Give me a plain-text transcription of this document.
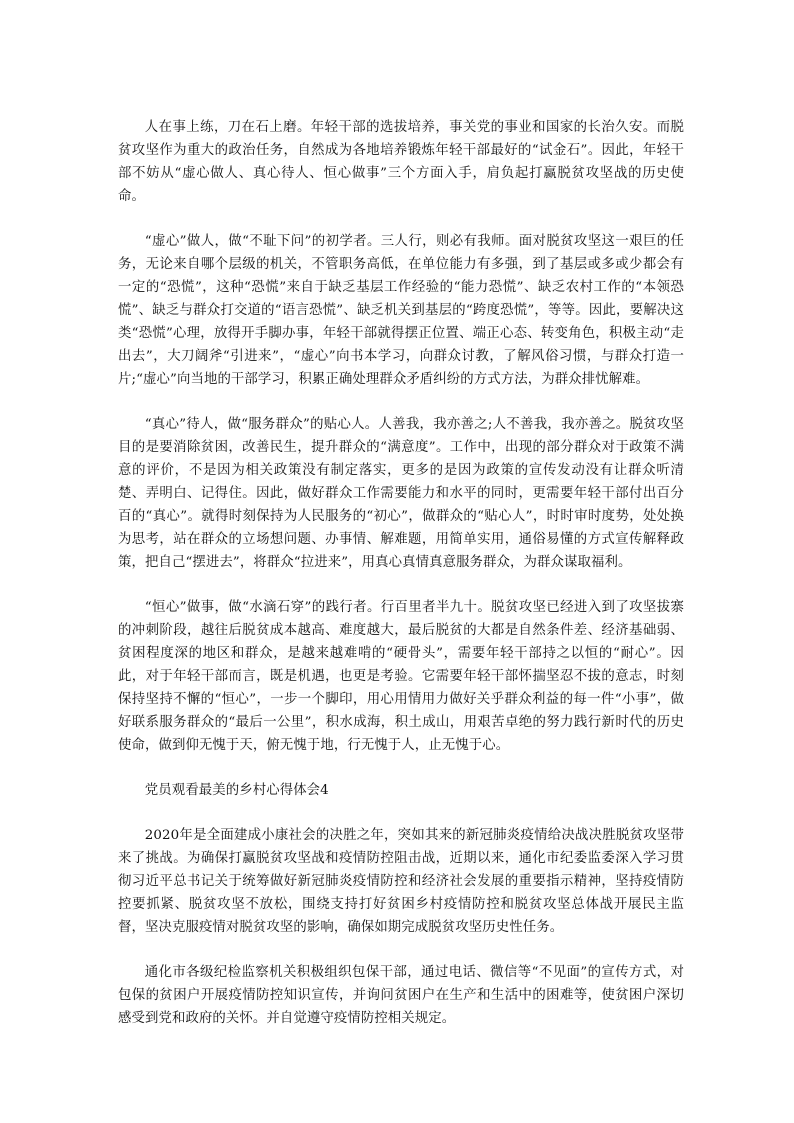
人在事上练，刀在石上磨。年轻干部的选拔培养，事关党的事业和国家的长治久安。而脱贫攻坚作为重大的政治任务，自然成为各地培养锻炼年轻干部最好的“试金石”。因此，年轻干部不妨从“虚心做人、真心待人、恒心做事”三个方面入手，肩负起打赢脱贫攻坚战的历史使命。

“虚心”做人，做“不耻下问”的初学者。三人行，则必有我师。面对脱贫攻坚这一艰巨的任务，无论来自哪个层级的机关，不管职务高低，在单位能力有多强，到了基层或多或少都会有一定的“恐慌”，这种“恐慌”来自于缺乏基层工作经验的“能力恐慌”、缺乏农村工作的“本领恐慌”、缺乏与群众打交道的“语言恐慌”、缺乏机关到基层的“跨度恐慌”，等等。因此，要解决这类“恐慌”心理，放得开手脚办事，年轻干部就得摆正位置、端正心态、转变角色，积极主动“走出去”，大刀阔斧“引进来”，“虚心”向书本学习，向群众讨教，了解风俗习惯，与群众打造一片;“虚心”向当地的干部学习，积累正确处理群众矛盾纠纷的方式方法，为群众排忧解难。

“真心”待人，做“服务群众”的贴心人。人善我，我亦善之;人不善我，我亦善之。脱贫攻坚目的是要消除贫困，改善民生，提升群众的“满意度”。工作中，出现的部分群众对于政策不满意的评价，不是因为相关政策没有制定落实，更多的是因为政策的宣传发动没有让群众听清楚、弄明白、记得住。因此，做好群众工作需要能力和水平的同时，更需要年轻干部付出百分百的“真心”。就得时刻保持为人民服务的“初心”，做群众的“贴心人”，时时审时度势，处处换为思考，站在群众的立场想问题、办事情、解难题，用简单实用，通俗易懂的方式宣传解释政策，把自己“摆进去”，将群众“拉进来”，用真心真情真意服务群众，为群众谋取福利。

“恒心”做事，做“水滴石穿”的践行者。行百里者半九十。脱贫攻坚已经进入到了攻坚拔寨的冲刺阶段，越往后脱贫成本越高、难度越大，最后脱贫的大都是自然条件差、经济基础弱、贫困程度深的地区和群众，是越来越难啃的“硬骨头”，需要年轻干部持之以恒的“耐心”。因此，对于年轻干部而言，既是机遇，也更是考验。它需要年轻干部怀揣坚忍不拔的意志，时刻保持坚持不懈的“恒心”，一步一个脚印，用心用情用力做好关乎群众利益的每一件“小事”，做好联系服务群众的“最后一公里”，积水成海，积土成山，用艰苦卓绝的努力践行新时代的历史使命，做到仰无愧于天，俯无愧于地，行无愧于人，止无愧于心。

党员观看最美的乡村心得体会4

2020年是全面建成小康社会的决胜之年，突如其来的新冠肺炎疫情给决战决胜脱贫攻坚带来了挑战。为确保打赢脱贫攻坚战和疫情防控阻击战，近期以来，通化市纪委监委深入学习贯彻习近平总书记关于统筹做好新冠肺炎疫情防控和经济社会发展的重要指示精神，坚持疫情防控要抓紧、脱贫攻坚不放松，围绕支持打好贫困乡村疫情防控和脱贫攻坚总体战开展民主监督，坚决克服疫情对脱贫攻坚的影响，确保如期完成脱贫攻坚历史性任务。

通化市各级纪检监察机关积极组织包保干部，通过电话、微信等“不见面”的宣传方式，对包保的贫困户开展疫情防控知识宣传，并询问贫困户在生产和生活中的困难等，使贫困户深切感受到党和政府的关怀。并自觉遵守疫情防控相关规定。
